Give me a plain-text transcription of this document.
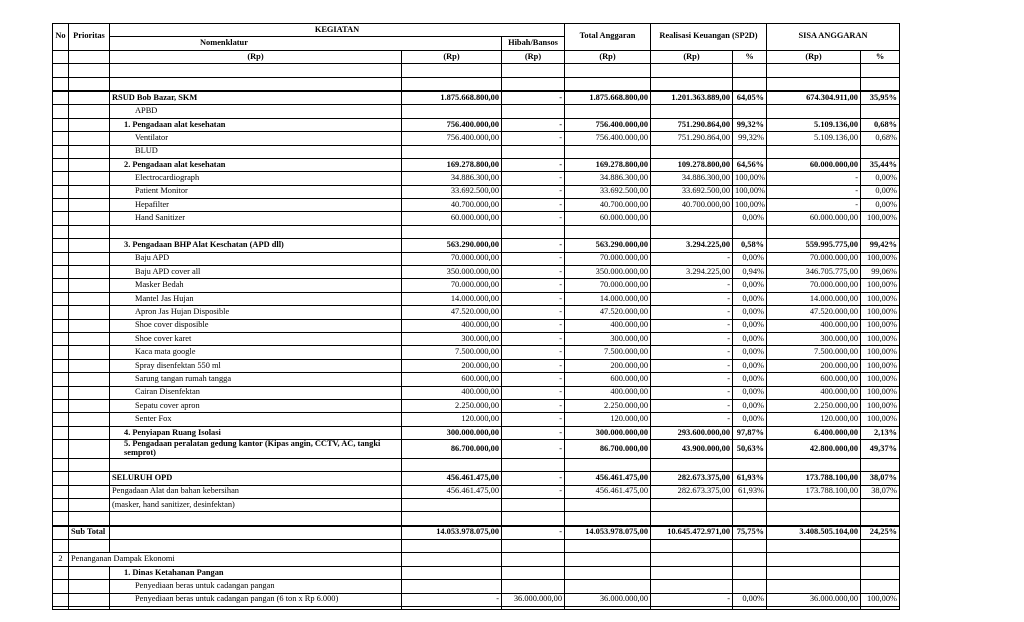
No	Prioritas	KEGIATAN			Total Anggaran	Realisasi Keuangan (SP2D)		SISA ANGGARAN	
		Nomenklatur		Hibah/Bansos					

		(Rp)	(Rp)	(Rp)	(Rp)	(Rp)	%	(Rp)	%

		RSUD Bob Bazar, SKM	1.875.668.800,00	-	1.875.668.800,00	1.201.363.889,00	64,05%	674.304.911,00	35,95%
		APBD							
		1. Pengadaan alat kesehatan	756.400.000,00	-	756.400.000,00	751.290.864,00	99,32%	5.109.136,00	0,68%
		Ventilator	756.400.000,00	-	756.400.000,00	751.290.864,00	99,32%	5.109.136,00	0,68%
		BLUD							
		2. Pengadaan alat kesehatan	169.278.800,00	-	169.278.800,00	109.278.800,00	64,56%	60.000.000,00	35,44%
		Electrocardiograph	34.886.300,00	-	34.886.300,00	34.886.300,00	100,00%	-	0,00%
		Patient Monitor	33.692.500,00	-	33.692.500,00	33.692.500,00	100,00%	-	0,00%
		Hepafilter	40.700.000,00	-	40.700.000,00	40.700.000,00	100,00%	-	0,00%
		Hand Sanitizer	60.000.000,00	-	60.000.000,00		0,00%	60.000.000,00	100,00%

		3. Pengadaan BHP Alat Keschatan (APD dll)	563.290.000,00	-	563.290.000,00	3.294.225,00	0,58%	559.995.775,00	99,42%
		Baju APD	70.000.000,00	-	70.000.000,00	-	0,00%	70.000.000,00	100,00%
		Baju APD cover all	350.000.000,00	-	350.000.000,00	3.294.225,00	0,94%	346.705.775,00	99,06%
		Masker Bedah	70.000.000,00	-	70.000.000,00	-	0,00%	70.000.000,00	100,00%
		Mantel Jas Hujan	14.000.000,00	-	14.000.000,00	-	0,00%	14.000.000,00	100,00%
		Apron Jas Hujan Disposible	47.520.000,00	-	47.520.000,00	-	0,00%	47.520.000,00	100,00%
		Shoe cover disposible	400.000,00	-	400.000,00	-	0,00%	400.000,00	100,00%
		Shoe cover karet	300.000,00	-	300.000,00	-	0,00%	300.000,00	100,00%
		Kaca mata google	7.500.000,00	-	7.500.000,00	-	0,00%	7.500.000,00	100,00%
		Spray disenfektan 550 ml	200.000,00	-	200.000,00	-	0,00%	200.000,00	100,00%
		Sarung tangan rumah tangga	600.000,00	-	600.000,00	-	0,00%	600.000,00	100,00%
		Cairan Disenfektan	400.000,00	-	400.000,00	-	0,00%	400.000,00	100,00%
		Sepatu cover apron	2.250.000,00	-	2.250.000,00	-	0,00%	2.250.000,00	100,00%
		Senter Fox	120.000,00	-	120.000,00	-	0,00%	120.000,00	100,00%
		4. Penyiapan Ruang Isolasi	300.000.000,00	-	300.000.000,00	293.600.000,00	97,87%	6.400.000,00	2,13%
		5. Pengadaan peralatan gedung kantor (Kipas angin, CCTV, AC, tangki semprot)	86.700.000,00	-	86.700.000,00	43.900.000,00	50,63%	42.800.000,00	49,37%

		SELURUH OPD	456.461.475,00	-	456.461.475,00	282.673.375,00	61,93%	173.788.100,00	38,07%
		Pengadaan Alat dan bahan kebersihan	456.461.475,00	-	456.461.475,00	282.673.375,00	61,93%	173.788.100,00	38,07%
		(masker, hand sanitizer, desinfektan)							

	Sub Total		14.053.978.075,00	-	14.053.978.075,00	10.645.472.971,00	75,75%	3.408.505.104,00	24,25%

2	Penanganan Dampak Ekonomi								
		1. Dinas Ketahanan Pangan							
		Penyediaan beras untuk cadangan pangan							
		Penyediaan beras untuk cadangan pangan (6 ton x Rp 6.000)	-	36.000.000,00	36.000.000,00	-	0,00%	36.000.000,00	100,00%
